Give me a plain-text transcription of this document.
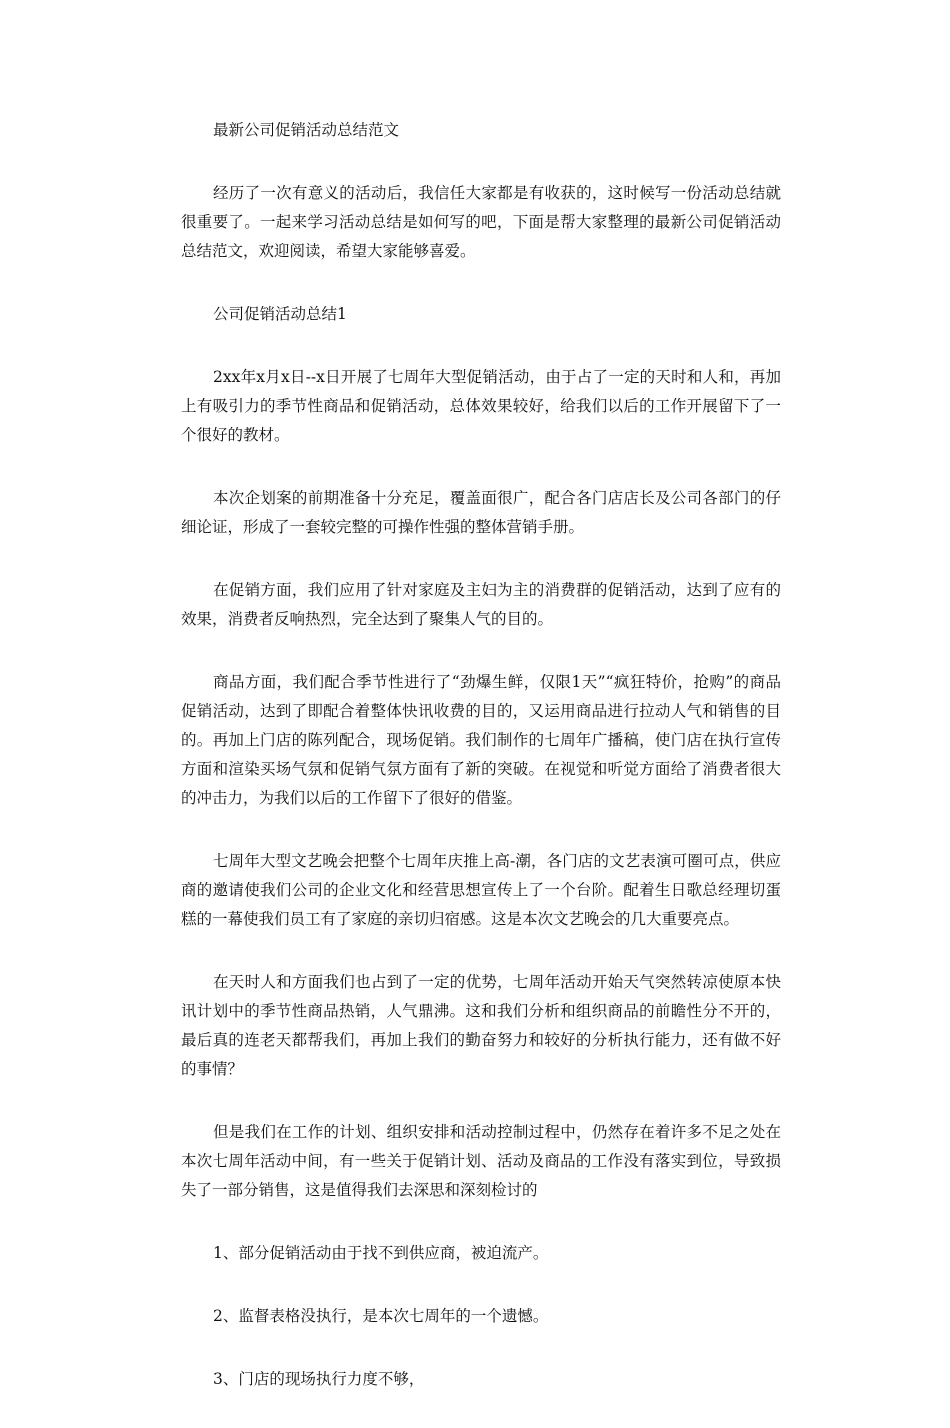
最新公司促销活动总结范文

经历了一次有意义的活动后，我信任大家都是有收获的，这时候写一份活动总结就很重要了。一起来学习活动总结是如何写的吧，下面是帮大家整理的最新公司促销活动总结范文，欢迎阅读，希望大家能够喜爱。

公司促销活动总结1

2xx年x月x日--x日开展了七周年大型促销活动，由于占了一定的天时和人和，再加上有吸引力的季节性商品和促销活动，总体效果较好，给我们以后的工作开展留下了一个很好的教材。

本次企划案的前期准备十分充足，覆盖面很广，配合各门店店长及公司各部门的仔细论证，形成了一套较完整的可操作性强的整体营销手册。

在促销方面，我们应用了针对家庭及主妇为主的消费群的促销活动，达到了应有的效果，消费者反响热烈，完全达到了聚集人气的目的。

商品方面，我们配合季节性进行了“劲爆生鲜，仅限1天”“疯狂特价，抢购”的商品促销活动，达到了即配合着整体快讯收费的目的，又运用商品进行拉动人气和销售的目的。再加上门店的陈列配合，现场促销。我们制作的七周年广播稿，使门店在执行宣传方面和渲染买场气氛和促销气氛方面有了新的突破。在视觉和听觉方面给了消费者很大的冲击力，为我们以后的工作留下了很好的借鉴。

七周年大型文艺晚会把整个七周年庆推上高-潮，各门店的文艺表演可圈可点，供应商的邀请使我们公司的企业文化和经营思想宣传上了一个台阶。配着生日歌总经理切蛋糕的一幕使我们员工有了家庭的亲切归宿感。这是本次文艺晚会的几大重要亮点。

在天时人和方面我们也占到了一定的优势，七周年活动开始天气突然转凉使原本快讯计划中的季节性商品热销，人气鼎沸。这和我们分析和组织商品的前瞻性分不开的，最后真的连老天都帮我们，再加上我们的勤奋努力和较好的分析执行能力，还有做不好的事情？

但是我们在工作的计划、组织安排和活动控制过程中，仍然存在着许多不足之处在本次七周年活动中间，有一些关于促销计划、活动及商品的工作没有落实到位，导致损失了一部分销售，这是值得我们去深思和深刻检讨的

1、部分促销活动由于找不到供应商，被迫流产。

2、监督表格没执行，是本次七周年的一个遗憾。

3、门店的现场执行力度不够，
